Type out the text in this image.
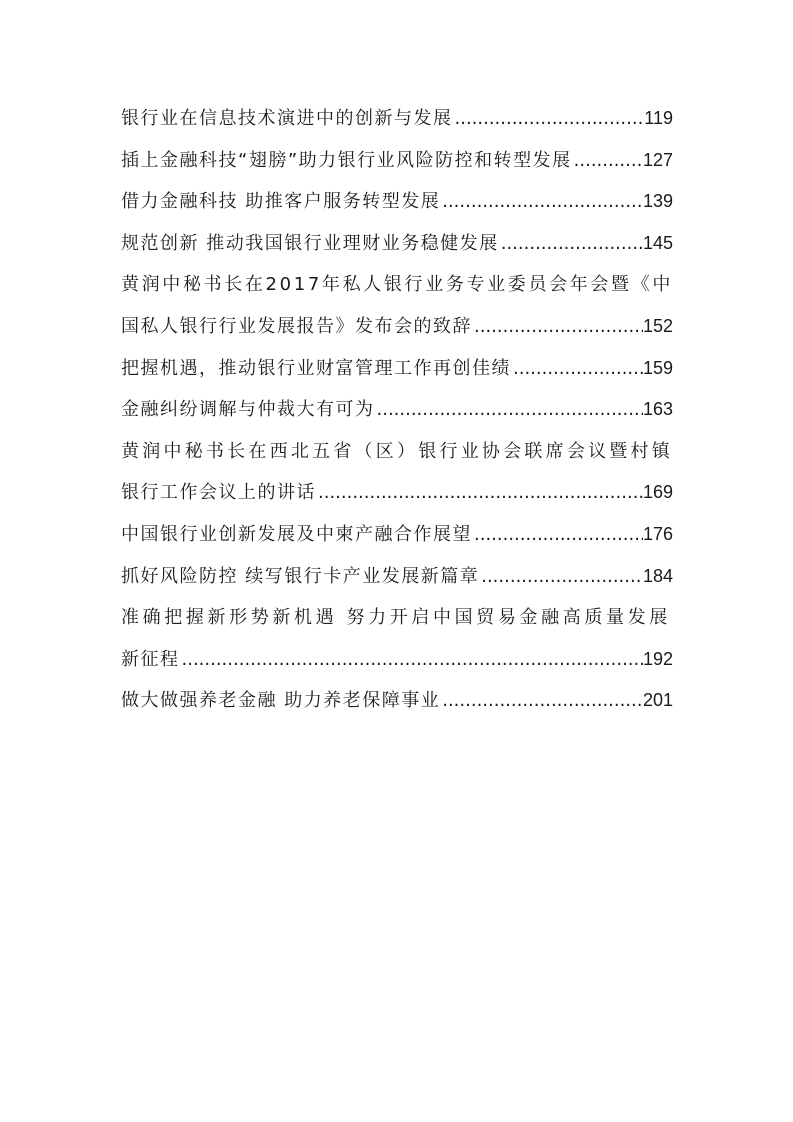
银行业在信息技术演进中的创新与发展 .....	119
插上金融科技“翅膀”助力银行业风险防控和转型发展 .....	127
借力金融科技 助推客户服务转型发展 .....	139
规范创新 推动我国银行业理财业务稳健发展 .....	145
黄润中秘书长在2017年私人银行业务专业委员会年会暨《中
国私人银行行业发展报告》发布会的致辞 .....	152
把握机遇，推动银行业财富管理工作再创佳绩 .....	159
金融纠纷调解与仲裁大有可为 .....	163
黄润中秘书长在西北五省（区）银行业协会联席会议暨村镇
银行工作会议上的讲话 .....	169
中国银行业创新发展及中柬产融合作展望 .....	176
抓好风险防控 续写银行卡产业发展新篇章 .....	184
准确把握新形势新机遇 努力开启中国贸易金融高质量发展
新征程 .....	192
做大做强养老金融 助力养老保障事业 .....	201
